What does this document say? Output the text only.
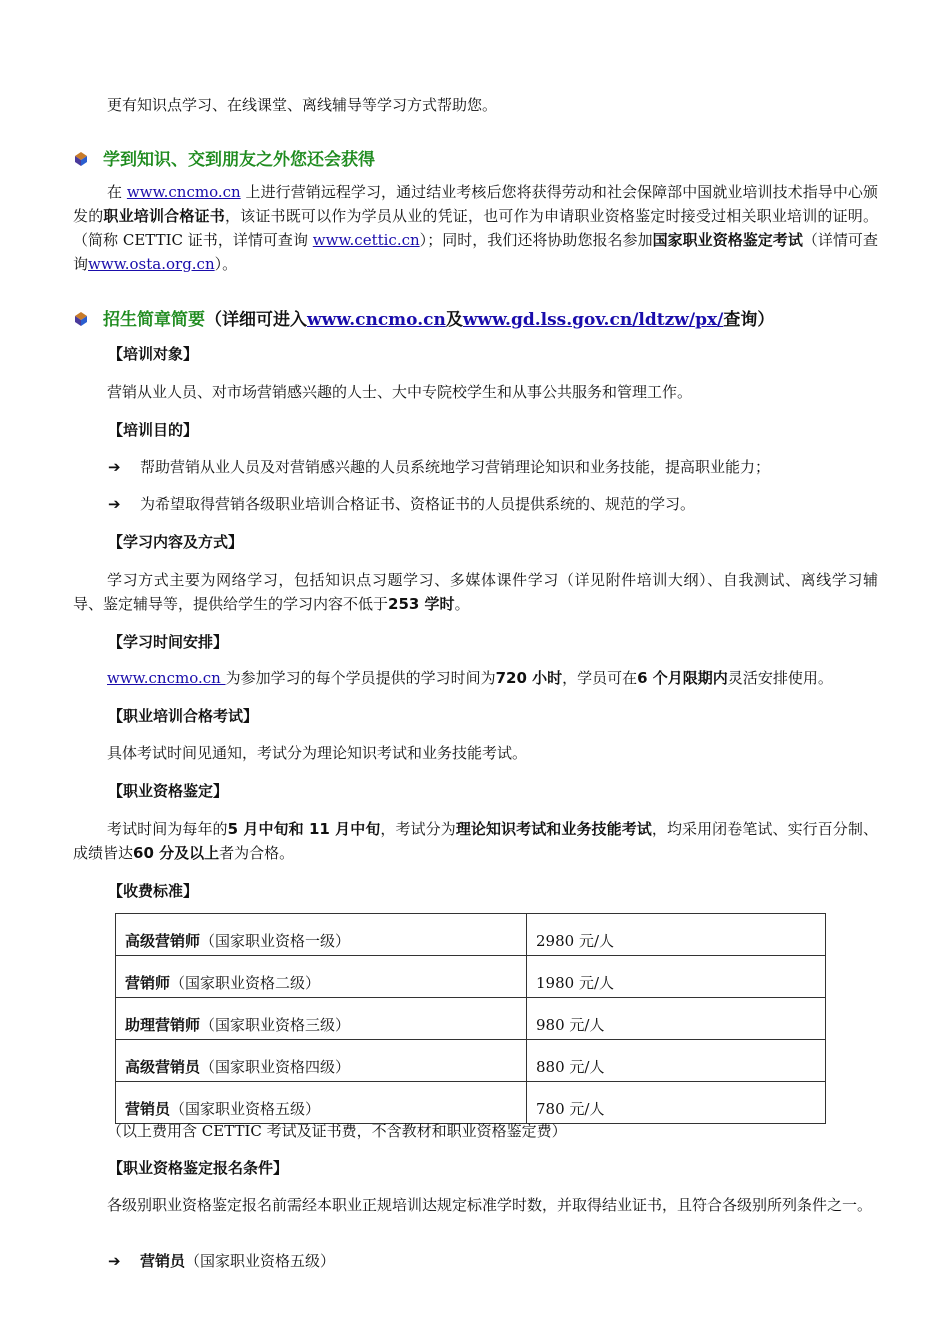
更有知识点学习、在线课堂、离线辅导等学习方式帮助您。
学到知识、交到朋友之外您还会获得
在 www.cncmo.cn 上进行营销远程学习，通过结业考核后您将获得劳动和社会保障部中国就业培训技术指导中心颁发的职业培训合格证书，该证书既可以作为学员从业的凭证，也可作为申请职业资格鉴定时接受过相关职业培训的证明。（简称 CETTIC 证书，详情可查询 www.cettic.cn）；同时，我们还将协助您报名参加国家职业资格鉴定考试（详情可查询www.osta.org.cn）。
招生简章简要（详细可进入www.cncmo.cn及www.gd.lss.gov.cn/ldtzw/px/查询）
【培训对象】
营销从业人员、对市场营销感兴趣的人士、大中专院校学生和从事公共服务和管理工作。
【培训目的】
➔ 帮助营销从业人员及对营销感兴趣的人员系统地学习营销理论知识和业务技能，提高职业能力；
➔ 为希望取得营销各级职业培训合格证书、资格证书的人员提供系统的、规范的学习。
【学习内容及方式】
学习方式主要为网络学习，包括知识点习题学习、多媒体课件学习（详见附件培训大纲）、自我测试、离线学习辅导、鉴定辅导等，提供给学生的学习内容不低于253 学时。
【学习时间安排】
www.cncmo.cn 为参加学习的每个学员提供的学习时间为720 小时，学员可在6 个月限期内灵活安排使用。
【职业培训合格考试】
具体考试时间见通知，考试分为理论知识考试和业务技能考试。
【职业资格鉴定】
考试时间为每年的5 月中旬和 11 月中旬，考试分为理论知识考试和业务技能考试，均采用闭卷笔试、实行百分制、成绩皆达60 分及以上者为合格。
【收费标准】
高级营销师（国家职业资格一级）	2980 元/人
营销师（国家职业资格二级）	1980 元/人
助理营销师（国家职业资格三级）	980 元/人
高级营销员（国家职业资格四级）	880 元/人
营销员（国家职业资格五级）	780 元/人
（以上费用含 CETTIC 考试及证书费，不含教材和职业资格鉴定费）
【职业资格鉴定报名条件】
各级别职业资格鉴定报名前需经本职业正规培训达规定标准学时数，并取得结业证书，且符合各级别所列条件之一。
➔ 营销员（国家职业资格五级）
